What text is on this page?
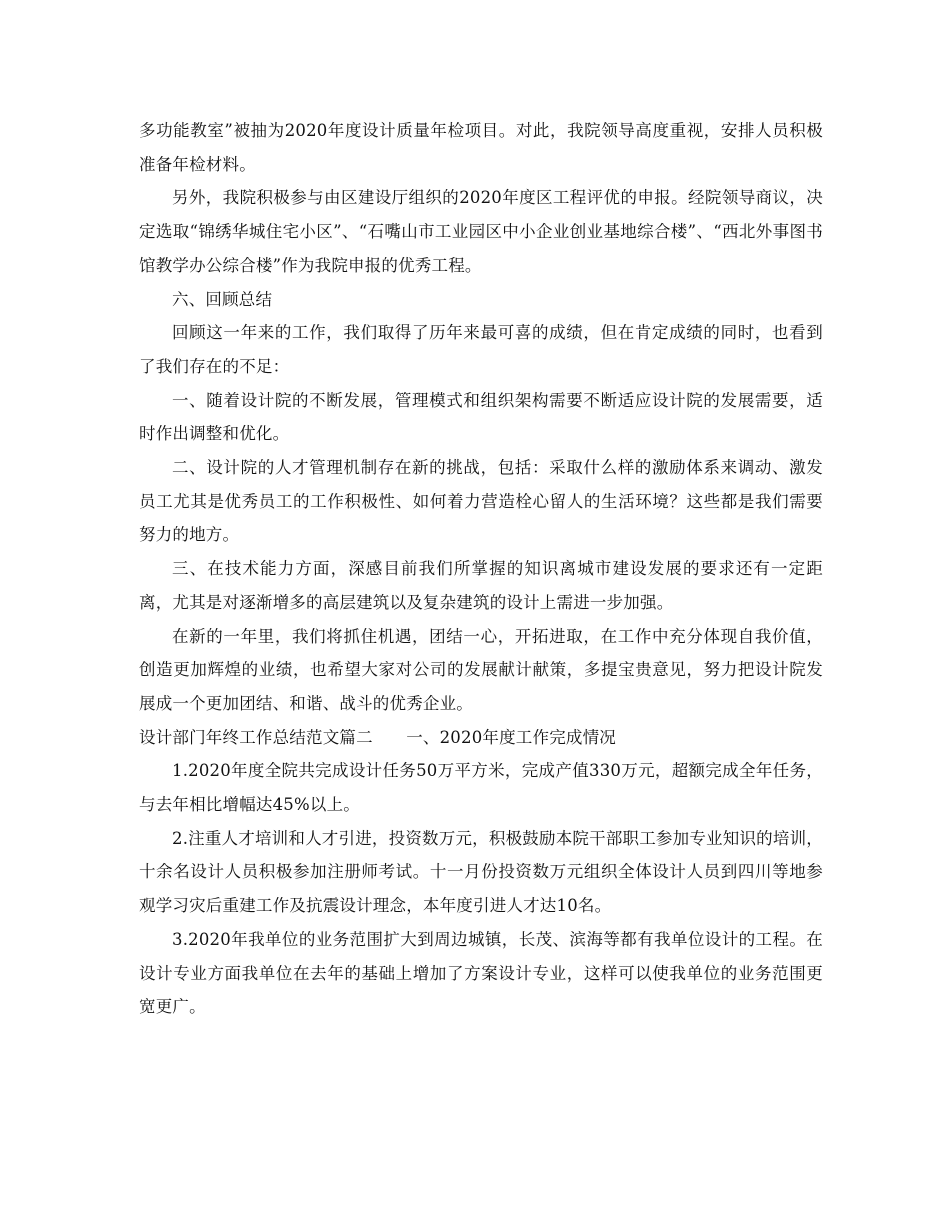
多功能教室”被抽为2020年度设计质量年检项目。对此，我院领导高度重视，安排人员积极准备年检材料。

另外，我院积极参与由区建设厅组织的2020年度区工程评优的申报。经院领导商议，决定选取“锦绣华城住宅小区”、“石嘴山市工业园区中小企业创业基地综合楼”、“西北外事图书馆教学办公综合楼”作为我院申报的优秀工程。

六、回顾总结

回顾这一年来的工作，我们取得了历年来最可喜的成绩，但在肯定成绩的同时，也看到了我们存在的不足：

一、随着设计院的不断发展，管理模式和组织架构需要不断适应设计院的发展需要，适时作出调整和优化。

二、设计院的人才管理机制存在新的挑战，包括：采取什么样的激励体系来调动、激发员工尤其是优秀员工的工作积极性、如何着力营造栓心留人的生活环境？这些都是我们需要努力的地方。

三、在技术能力方面，深感目前我们所掌握的知识离城市建设发展的要求还有一定距离，尤其是对逐渐增多的高层建筑以及复杂建筑的设计上需进一步加强。

在新的一年里，我们将抓住机遇，团结一心，开拓进取，在工作中充分体现自我价值，创造更加辉煌的业绩，也希望大家对公司的发展献计献策，多提宝贵意见，努力把设计院发展成一个更加团结、和谐、战斗的优秀企业。

设计部门年终工作总结范文篇二　　一、2020年度工作完成情况

1.2020年度全院共完成设计任务50万平方米，完成产值330万元，超额完成全年任务，与去年相比增幅达45%以上。

2.注重人才培训和人才引进，投资数万元，积极鼓励本院干部职工参加专业知识的培训，十余名设计人员积极参加注册师考试。十一月份投资数万元组织全体设计人员到四川等地参观学习灾后重建工作及抗震设计理念，本年度引进人才达10名。

3.2020年我单位的业务范围扩大到周边城镇，长茂、滨海等都有我单位设计的工程。在设计专业方面我单位在去年的基础上增加了方案设计专业，这样可以使我单位的业务范围更宽更广。
